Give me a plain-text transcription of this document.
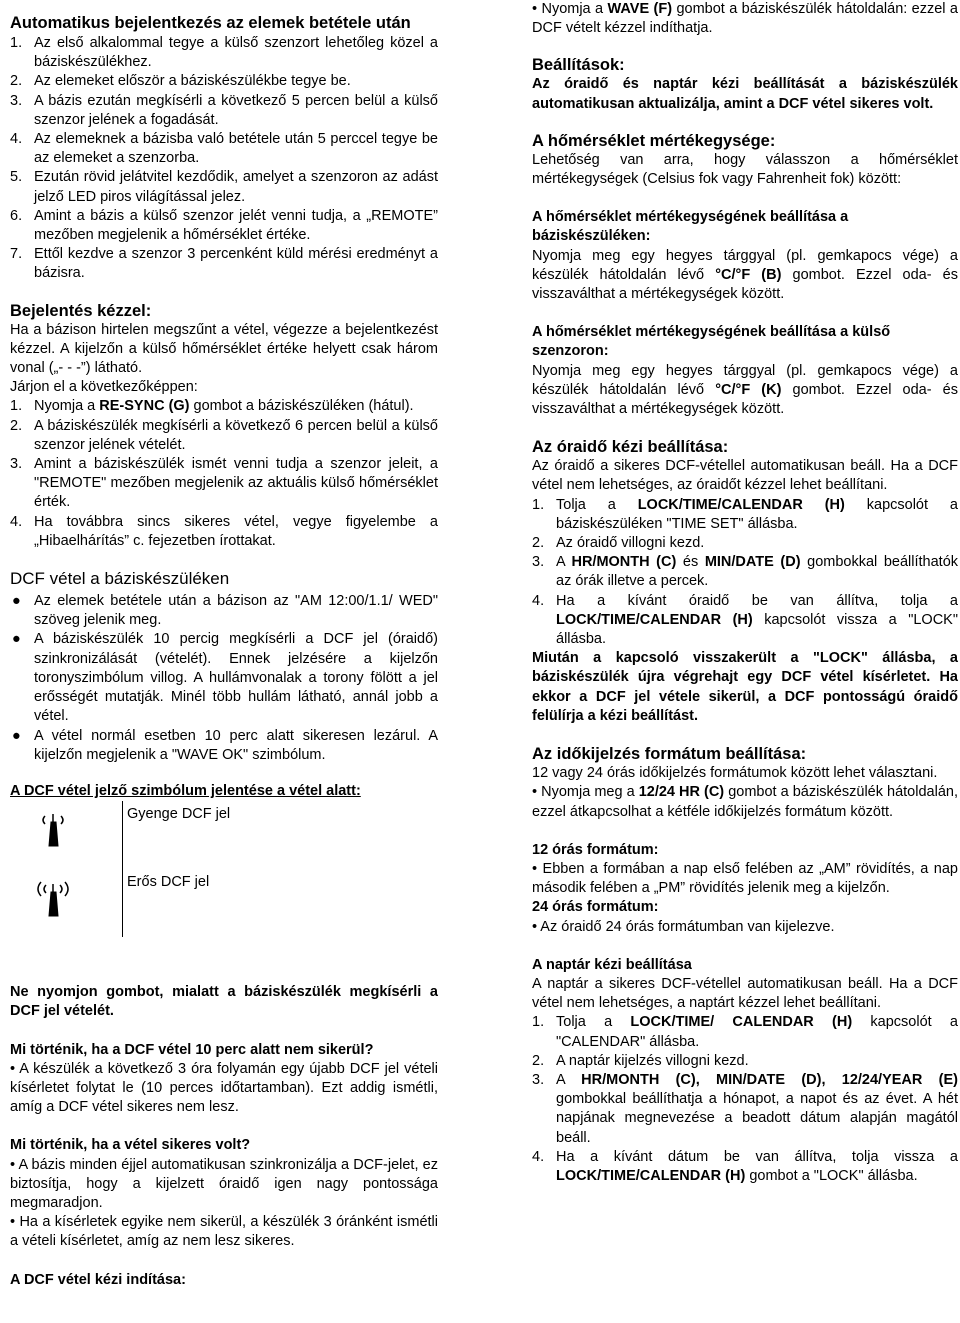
Automatikus bejelentkezés az elemek betétele után
1. Az első alkalommal tegye a külső szenzort lehetőleg közel a báziskészülékhez.
2. Az elemeket először a báziskészülékbe tegye be.
3. A bázis ezután megkísérli a következő 5 percen belül a külső szenzor jelének a fogadását.
4. Az elemeknek a bázisba való betétele után 5 perccel tegye be az elemeket a szenzorba.
5. Ezután rövid jelátvitel kezdődik, amelyet a szenzoron az adást jelző LED piros világítással jelez.
6. Amint a bázis a külső szenzor jelét venni tudja, a „REMOTE” mezőben megjelenik a hőmérséklet értéke.
7. Ettől kezdve a szenzor 3 percenként küld mérési eredményt a bázisra.
Bejelentés kézzel:

Ha a bázison hirtelen megszűnt a vétel, végezze a bejelentkezést kézzel. A kijelzőn a külső hőmérséklet értéke helyett csak három vonal („- - -”) látható.

Járjon el a következőképpen:

1. Nyomja a RE-SYNC (G) gombot a báziskészüléken (hátul).
2. A báziskészülék megkísérli a következő 6 percen belül a külső szenzor jelének vételét.
3. Amint a báziskészülék ismét venni tudja a szenzor jeleit, a "REMOTE" mezőben megjelenik az aktuális külső hőmérséklet érték.
4. Ha továbbra sincs sikeres vétel, vegye figyelembe a „Hibaelhárítás” c. fejezetben írottakat.
DCF vétel a báziskészüléken
● Az elemek betétele után a bázison az "AM 12:00/1.1/ WED" szöveg jelenik meg.
● A báziskészülék 10 percig megkísérli a DCF jel (óraidő) szinkronizálását (vételét). Ennek jelzésére a kijelzőn toronyszimbólum villog. A hullámvonalak a torony fölött a jel erősségét mutatják. Minél több hullám látható, annál jobb a vétel.
● A vétel normál esetben 10 perc alatt sikeresen lezárul. A kijelzőn megjelenik a "WAVE OK" szimbólum.

A DCF vétel jelző szimbólum jelentése a vétel alatt:

	Gyenge DCF jel
	Erős DCF jel

Ne nyomjon gombot, mialatt a báziskészülék megkísérli a DCF jel vételét.

Mi történik, ha a DCF vétel 10 perc alatt nem sikerül?

• A készülék a következő 3 óra folyamán egy újabb DCF jel vételi kísérletet folytat le (10 perces időtartamban). Ezt addig ismétli, amíg a DCF vétel sikeres nem lesz.

Mi történik, ha a vétel sikeres volt?

• A bázis minden éjjel automatikusan szinkronizálja a DCF-jelet, ez biztosítja, hogy a kijelzett óraidő igen nagy pontossága megmaradjon.

• Ha a kísérletek egyike nem sikerül, a készülék 3 óránként ismétli a vételi kísérletet, amíg az nem lesz sikeres.

A DCF vétel kézi indítása:

• Nyomja a WAVE (F) gombot a báziskészülék hátoldalán: ezzel a DCF vételt kézzel indíthatja.

Beállítások:

Az óraidő és naptár kézi beállítását a báziskészülék automatikusan aktualizálja, amint a DCF vétel sikeres volt.

A hőmérséklet mértékegysége:

Lehetőség van arra, hogy válasszon a hőmérséklet mértékegységek (Celsius fok vagy Fahrenheit fok) között:

A hőmérséklet mértékegységének beállítása a báziskészüléken:

Nyomja meg egy hegyes tárggyal (pl. gemkapocs vége) a készülék hátoldalán lévő °C/°F (B) gombot. Ezzel oda- és visszaválthat a mértékegységek között.

A hőmérséklet mértékegységének beállítása a külső szenzoron:

Nyomja meg egy hegyes tárggyal (pl. gemkapocs vége) a készülék hátoldalán lévő °C/°F (K) gombot. Ezzel oda- és visszaválthat a mértékegységek között.

Az óraidő kézi beállítása:

Az óraidő a sikeres DCF-vétellel automatikusan beáll. Ha a DCF vétel nem lehetséges, az óraidőt kézzel lehet beállítani.

1. Tolja a LOCK/TIME/CALENDAR (H) kapcsolót a báziskészüléken "TIME SET" állásba.
2. Az óraidő villogni kezd.
3. A HR/MONTH (C) és MIN/DATE (D) gombokkal beállíthatók az órák illetve a percek.
4. Ha a kívánt óraidő be van állítva, tolja a LOCK/TIME/CALENDAR (H) kapcsolót vissza a "LOCK" állásba.

Miután a kapcsoló visszakerült a "LOCK" állásba, a báziskészülék újra végrehajt egy DCF vétel kísérletet. Ha ekkor a DCF jel vétele sikerül, a DCF pontosságú óraidő felülírja a kézi beállítást.

Az időkijelzés formátum beállítása:

12 vagy 24 órás időkijelzés formátumok között lehet választani.

• Nyomja meg a 12/24 HR (C) gombot a báziskészülék hátoldalán, ezzel átkapcsolhat a kétféle időkijelzés formátum között.

12 órás formátum:

• Ebben a formában a nap első felében az „AM” rövidítés, a nap második felében a „PM” rövidítés jelenik meg a kijelzőn.

24 órás formátum:

• Az óraidő 24 órás formátumban van kijelezve.

A naptár kézi beállítása

A naptár a sikeres DCF-vétellel automatikusan beáll. Ha a DCF vétel nem lehetséges, a naptárt kézzel lehet beállítani.

1. Tolja a LOCK/TIME/ CALENDAR (H) kapcsolót a "CALENDAR" állásba.
2. A naptár kijelzés villogni kezd.
3. A HR/MONTH (C), MIN/DATE (D), 12/24/YEAR (E) gombokkal beállíthatja a hónapot, a napot és az évet. A hét napjának megnevezése a beadott dátum alapján magától beáll.
4. Ha a kívánt dátum be van állítva, tolja vissza a LOCK/TIME/CALENDAR (H) gombot a "LOCK" állásba.
